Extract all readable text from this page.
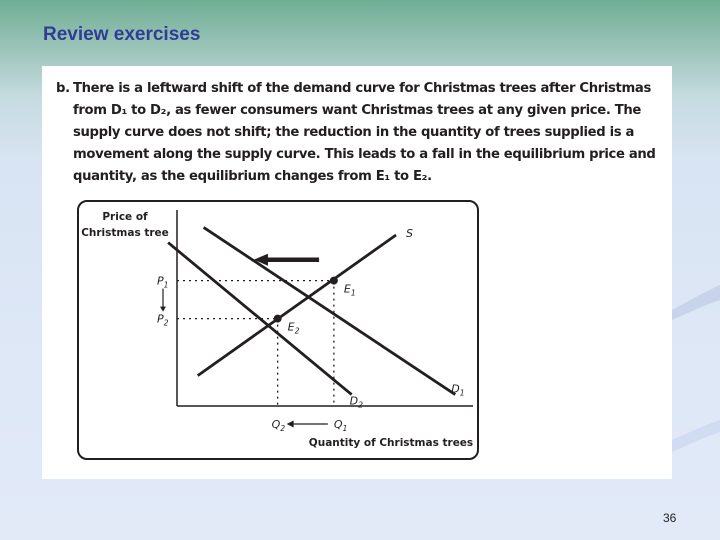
Review exercises
b. There is a leftward shift of the demand curve for Christmas trees after Christmas
from D₁ to D₂, as fewer consumers want Christmas trees at any given price. The
supply curve does not shift; the reduction in the quantity of trees supplied is a
movement along the supply curve. This leads to a fall in the equilibrium price and
quantity, as the equilibrium changes from E₁ to E₂.
Price of
Christmas tree
Quantity of Christmas trees
S
$D_1$
$D_2$
$E_1$
$E_2$
$P_1$
$P_2$
$Q_2$	$Q_1$
36
